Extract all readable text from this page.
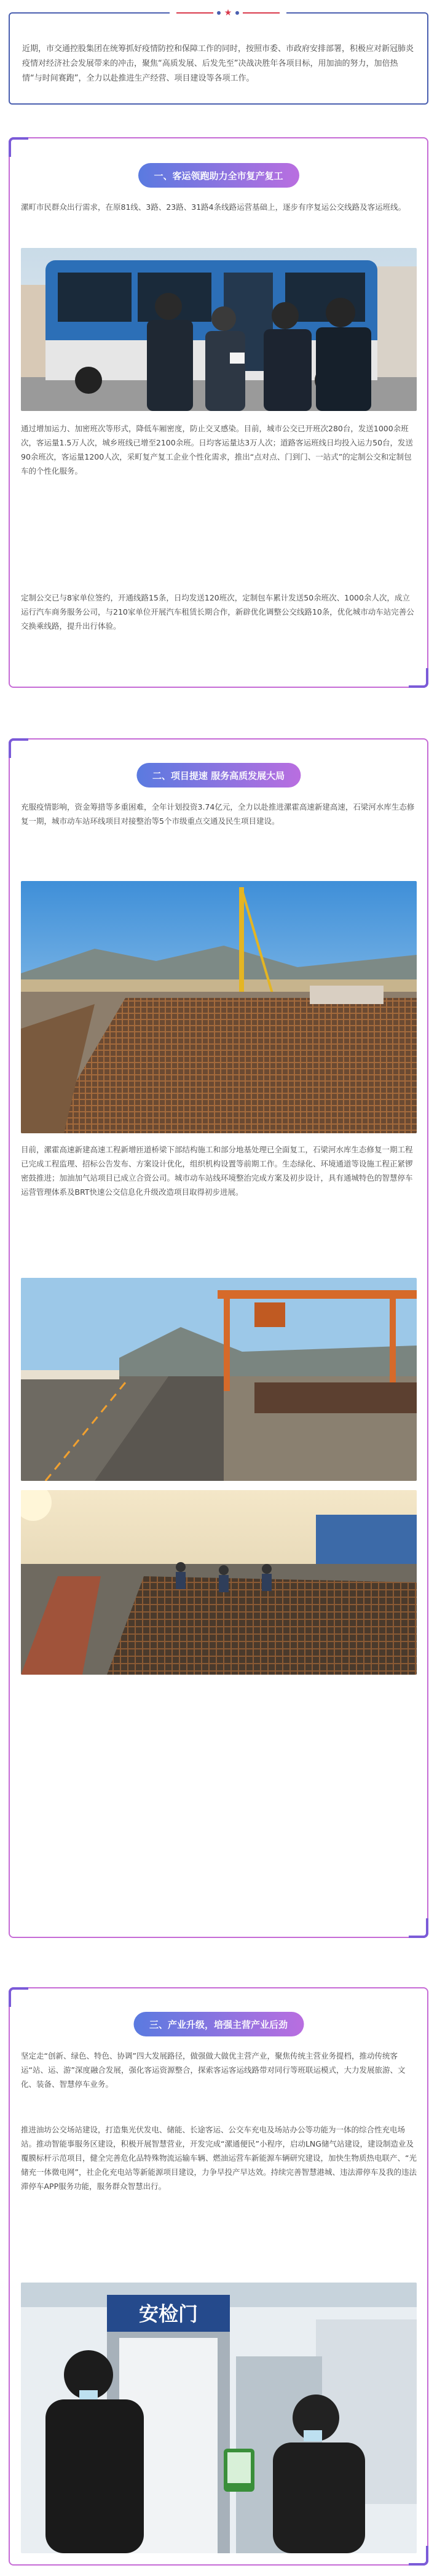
★

近期，市交通控股集团在统筹抓好疫情防控和保障工作的同时，按照市委、市政府安排部署，积极应对新冠肺炎疫情对经济社会发展带来的冲击，聚焦“高质发展、后发先至”决战决胜年各项目标，用加油的努力，加倍热情“与时间赛跑”，全力以赴推进生产经营、项目建设等各项工作。

一、客运领跑助力全市复产复工

漯町市民群众出行需求，在原81线、3路、23路、31路4条线路运营基础上，逐步有序复运公交线路及客运班线。

通过增加运力、加密班次等形式，降低车厢密度，防止交叉感染。目前，城市公交已开班次280台，发送1000余班次，客运量1.5万人次，城乡班线已增至2100余班。日均客运量达3万人次；道路客运班线日均投入运力50台，发送90余班次，客运量1200人次，采町复产复工企业个性化需求，推出“点对点、门到门、一站式”的定制公交和定制包车的个性化服务。

定制公交已与8家单位签约，开通线路15条，日均发送120班次，定制包车累计发送50余班次、1000余人次，成立运行汽车商务服务公司，与210家单位开展汽车租赁长期合作，新辟优化调整公交线路10条，优化城市动车站完善公交换乘线路，提升出行体验。

二、项目提速 服务高质发展大局

充服疫情影响，资金筹措等多重困难，全年计划投资3.74亿元，全力以赴推进漯霍高速新建高速，石梁河水库生态修复一期，城市动车站环线项目对接整治等5个市级重点交通及民生项目建设。

目前，漯霍高速新建高速工程新增匝道桥梁下部结构施工和部分地基处理已全面复工，石梁河水库生态修复一期工程已完成工程监理、招标公告发布、方案设计优化，组织机构设置等前期工作。生态绿化、环境通道等设施工程正紧锣密鼓推进；加油加气站项目已成立合资公司。城市动车站线环境整治完成方案及初步设计，具有通城特色的智慧停车运营管理体系及BRT快速公交信息化升级改造项目取得初步进展。

三、产业升级，培强主营产业后劲

坚定走“创新、绿色、特色、协调”四大发展路径，做强做大做优主营产业，聚焦传统主营业务提档，推动传统客运“站、运、游”深度融合发展，强化客运资源整合，探索客运客运线路带对同行等班联运模式，大力发展旅游、文化、装备、智慧停车业务。

推进油坊公交场站建设，打造集光伏发电、储能、长途客运、公交车充电及场站办公等功能为一体的综合性充电场站。推动智能事服务区建设，积极开展智慧营业，开发完成“漯通便民”小程序，启动LNG储气站建设，建设制造业及覆膜标杆示范项目，健全完善危化品特殊物流运输车辆、燃油运营车新能源车辆研究建设，加快生物质热电联产、“光储充一体微电网”，社企化充电站等新能源项目建设，力争早投产早达效。持续完善智慧港城、违法滞停车及我的违法滞停车APP服务功能，服务群众智慧出行。

安检门
